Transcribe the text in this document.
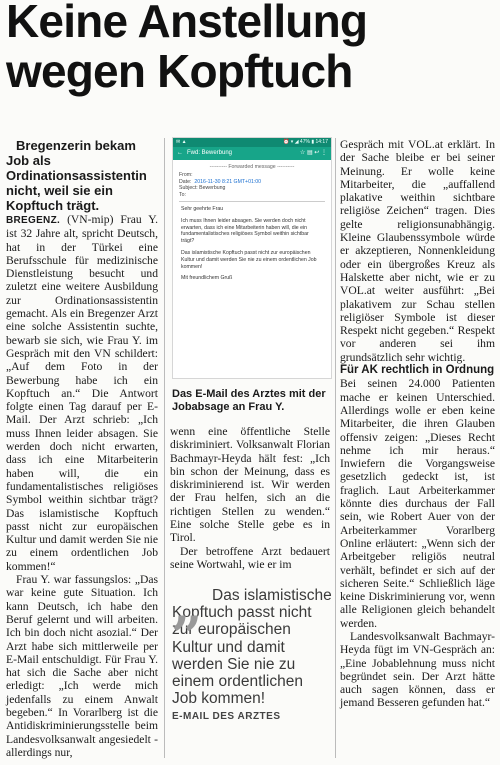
Keine Anstellung wegen Kopftuch

Bregenzerin bekam Job als Ordinationsassistentin nicht, weil sie ein Kopftuch trägt.

BREGENZ. (VN-mip) Frau Y. ist 32 Jahre alt, spricht Deutsch, hat in der Türkei eine Berufsschule für medizinische Dienstleistung besucht und zuletzt eine weitere Ausbildung zur Ordinationsassistentin gemacht. Als ein Bregenzer Arzt eine solche Assistentin suchte, bewarb sie sich, wie Frau Y. im Gespräch mit den VN schildert: „Auf dem Foto in der Bewerbung habe ich ein Kopftuch an.“ Die Antwort folgte einen Tag darauf per E-Mail. Der Arzt schrieb: „Ich muss Ihnen leider absagen. Sie werden doch nicht erwarten, dass ich eine Mitarbeiterin haben will, die ein fundamentalistisches religiöses Symbol weithin sichtbar trägt? Das islamistische Kopftuch passt nicht zur europäischen Kultur und damit werden Sie nie zu einem ordentlichen Job kommen!“

Frau Y. war fassungslos: „Das war keine gute Situation. Ich kann Deutsch, ich habe den Beruf gelernt und will arbeiten. Ich bin doch nicht asozial.“ Der Arzt habe sich mittlerweile per E-Mail entschuldigt. Für Frau Y. hat sich die Sache aber nicht erledigt: „Ich werde mich jedenfalls zu einem Anwalt begeben.“ In Vorarlberg ist die Antidiskriminierungsstelle beim Landesvolksanwalt angesiedelt - allerdings nur,

✉ ▲	⏰ ▾ ◢ 47% ▮ 14:17
← Fwd: Bewerbung	☆ ▤ ↩ ⋮
---------- Forwarded message ----------
From:
Date: 2016-11-30 8:21 GMT+01:00
Subject: Bewerbung
To:

Sehr geehrte Frau

Ich muss Ihnen leider absagen. Sie werden doch nicht erwarten, dass ich eine Mitarbeiterin haben will, die ein fundamentalistisches religiöses Symbol weithin sichtbar trägt?

Das islamistische Kopftuch passt nicht zur europäischen Kultur und damit werden Sie nie zu einem ordentlichen Job kommen!

Mit freundlichem Gruß

Das E-Mail des Arztes mit der Jobabsage an Frau Y.

wenn eine öffentliche Stelle diskriminiert. Volksanwalt Florian Bachmayr-Heyda hält fest: „Ich bin schon der Meinung, dass es diskriminierend ist. Wir werden der Frau helfen, sich an die richtigen Stellen zu wenden.“ Eine solche Stelle gebe es in Tirol.

Der betroffene Arzt bedauert seine Wortwahl, wie er im

„ Das islamistische Kopftuch passt nicht zur europäischen Kultur und damit werden Sie nie zu einem ordentlichen Job kommen!

E-MAIL DES ARZTES

Gespräch mit VOL.at erklärt. In der Sache bleibe er bei seiner Meinung. Er wolle keine Mitarbeiter, die „auffallend plakative weithin sichtbare religiöse Zeichen“ tragen. Dies gelte religionsunabhängig. Kleine Glaubenssymbole würde er akzeptieren, Nonnenkleidung oder ein übergroßes Kreuz als Halskette aber nicht, wie er zu VOL.at weiter ausführt: „Bei plakativem zur Schau stellen religiöser Symbole ist dieser Respekt nicht gegeben.“ Respekt vor anderen sei ihm grundsätzlich sehr wichtig.

Für AK rechtlich in Ordnung

Bei seinen 24.000 Patienten mache er keinen Unterschied. Allerdings wolle er eben keine Mitarbeiter, die ihren Glauben offensiv zeigen: „Dieses Recht nehme ich mir heraus.“ Inwiefern die Vorgangsweise gesetzlich gedeckt ist, ist fraglich. Laut Arbeiterkammer könnte dies durchaus der Fall sein, wie Robert Auer von der Arbeiterkammer Vorarlberg Online erläutert: „Wenn sich der Arbeitgeber religiös neutral verhält, befindet er sich auf der sicheren Seite.“ Schließlich läge keine Diskriminierung vor, wenn alle Religionen gleich behandelt werden.

Landesvolksanwalt Bachmayr-Heyda fügt im VN-Gespräch an: „Eine Jobablehnung muss nicht begründet sein. Der Arzt hätte auch sagen können, dass er jemand Besseren gefunden hat.“
